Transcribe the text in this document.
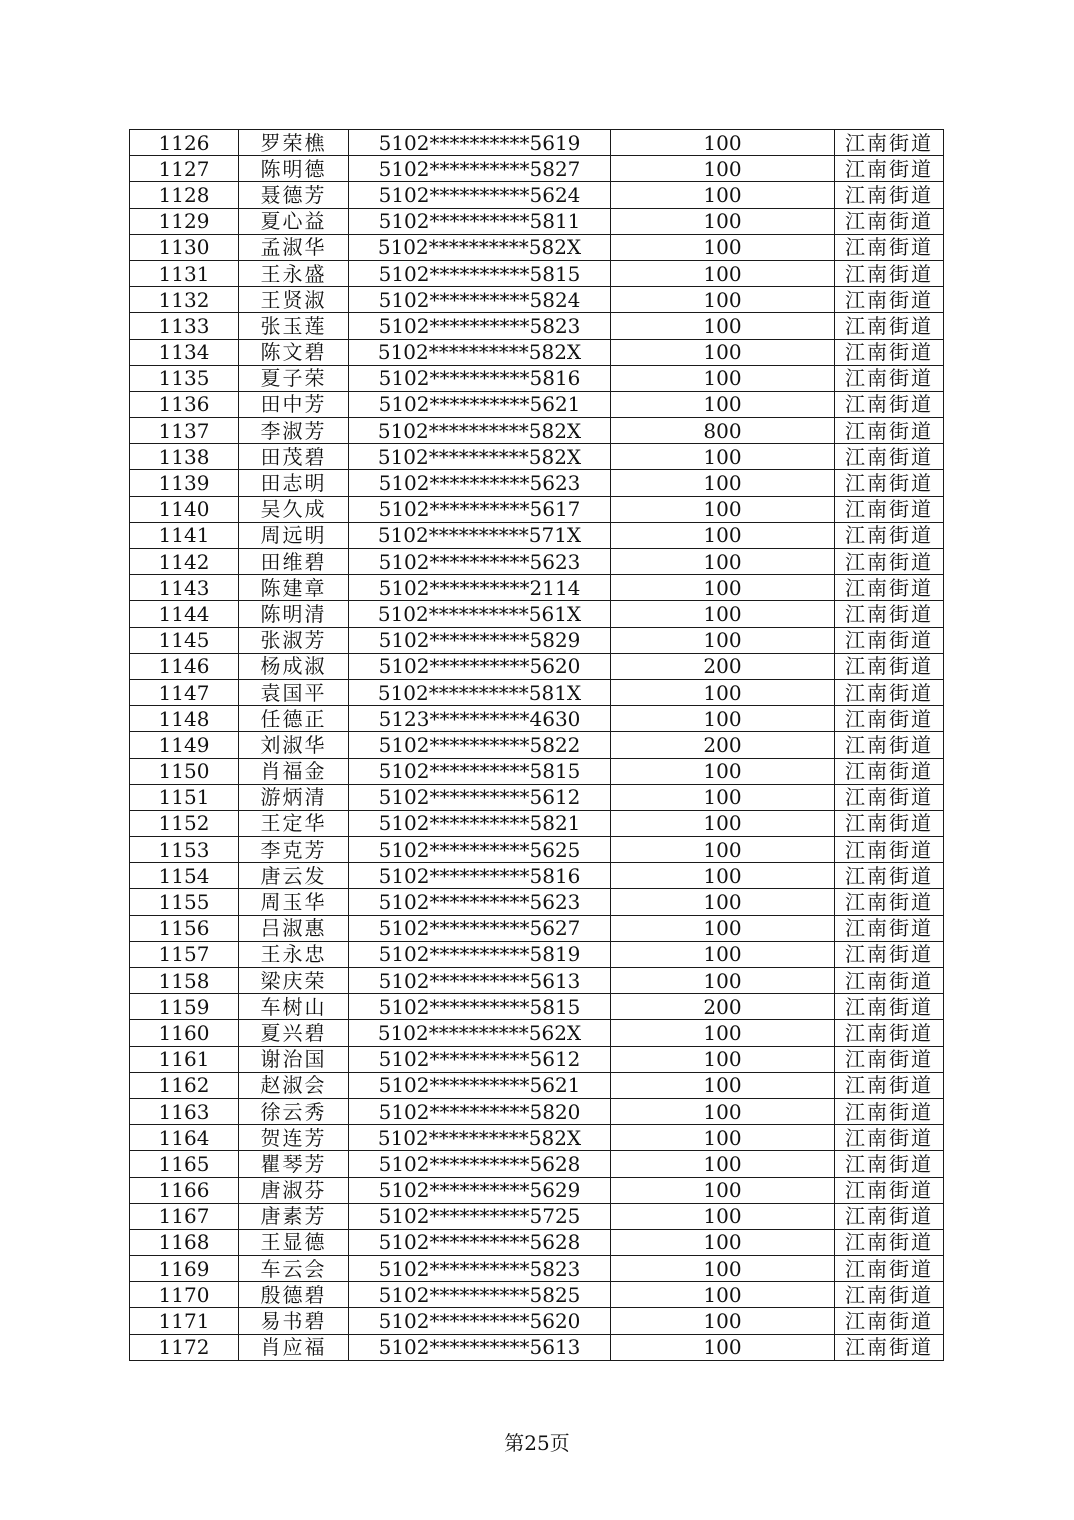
1126	罗荣樵	5102**********5619	100	江南街道
1127	陈明德	5102**********5827	100	江南街道
1128	聂德芳	5102**********5624	100	江南街道
1129	夏心益	5102**********5811	100	江南街道
1130	孟淑华	5102**********582X	100	江南街道
1131	王永盛	5102**********5815	100	江南街道
1132	王贤淑	5102**********5824	100	江南街道
1133	张玉莲	5102**********5823	100	江南街道
1134	陈文碧	5102**********582X	100	江南街道
1135	夏子荣	5102**********5816	100	江南街道
1136	田中芳	5102**********5621	100	江南街道
1137	李淑芳	5102**********582X	800	江南街道
1138	田茂碧	5102**********582X	100	江南街道
1139	田志明	5102**********5623	100	江南街道
1140	吴久成	5102**********5617	100	江南街道
1141	周远明	5102**********571X	100	江南街道
1142	田维碧	5102**********5623	100	江南街道
1143	陈建章	5102**********2114	100	江南街道
1144	陈明清	5102**********561X	100	江南街道
1145	张淑芳	5102**********5829	100	江南街道
1146	杨成淑	5102**********5620	200	江南街道
1147	袁国平	5102**********581X	100	江南街道
1148	任德正	5123**********4630	100	江南街道
1149	刘淑华	5102**********5822	200	江南街道
1150	肖福金	5102**********5815	100	江南街道
1151	游炳清	5102**********5612	100	江南街道
1152	王定华	5102**********5821	100	江南街道
1153	李克芳	5102**********5625	100	江南街道
1154	唐云发	5102**********5816	100	江南街道
1155	周玉华	5102**********5623	100	江南街道
1156	吕淑惠	5102**********5627	100	江南街道
1157	王永忠	5102**********5819	100	江南街道
1158	梁庆荣	5102**********5613	100	江南街道
1159	车树山	5102**********5815	200	江南街道
1160	夏兴碧	5102**********562X	100	江南街道
1161	谢治国	5102**********5612	100	江南街道
1162	赵淑会	5102**********5621	100	江南街道
1163	徐云秀	5102**********5820	100	江南街道
1164	贺连芳	5102**********582X	100	江南街道
1165	瞿琴芳	5102**********5628	100	江南街道
1166	唐淑芬	5102**********5629	100	江南街道
1167	唐素芳	5102**********5725	100	江南街道
1168	王显德	5102**********5628	100	江南街道
1169	车云会	5102**********5823	100	江南街道
1170	殷德碧	5102**********5825	100	江南街道
1171	易书碧	5102**********5620	100	江南街道
1172	肖应福	5102**********5613	100	江南街道
第25页
